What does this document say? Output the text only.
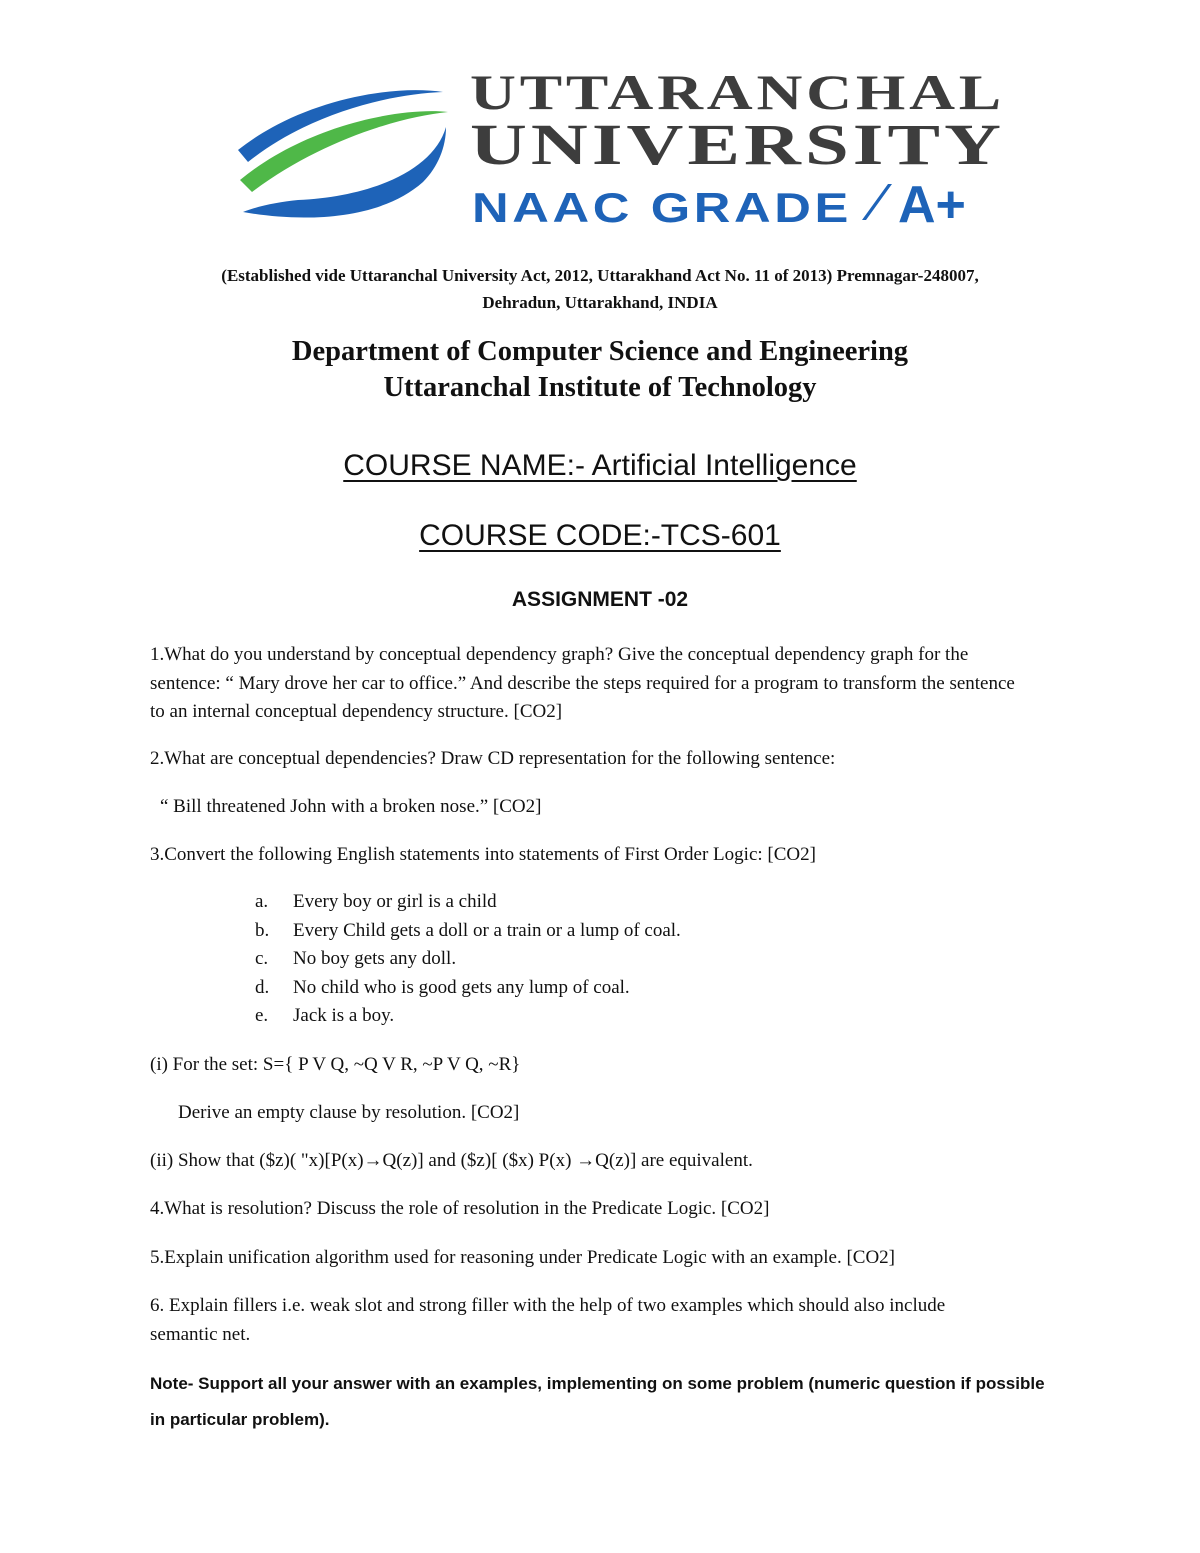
UTTARANCHAL
UNIVERSITY
NAAC GRADE A+
(Established vide Uttaranchal University Act, 2012, Uttarakhand Act No. 11 of 2013) Premnagar-248007,
Dehradun, Uttarakhand, INDIA
Department of Computer Science and Engineering
Uttaranchal Institute of Technology
COURSE NAME:- Artificial Intelligence
COURSE CODE:-TCS-601
ASSIGNMENT -02
1.What do you understand by conceptual dependency graph? Give the conceptual dependency graph for the sentence: “ Mary drove her car to office.” And describe the steps required for a program to transform the sentence to an internal conceptual dependency structure. [CO2]
2.What are conceptual dependencies? Draw CD representation for the following sentence:
“ Bill threatened John with a broken nose.” [CO2]
3.Convert the following English statements into statements of First Order Logic: [CO2]
a.	Every boy or girl is a child
b.	Every Child gets a doll or a train or a lump of coal.
c.	No boy gets any doll.
d.	No child who is good gets any lump of coal.
e.	Jack is a boy.
(i) For the set: S={ P V Q, ~Q V R, ~P V Q, ~R}
Derive an empty clause by resolution. [CO2]
(ii) Show that ($z)( "x)[P(x)→Q(z)] and ($z)[ ($x) P(x) →Q(z)] are equivalent.
4.What is resolution? Discuss the role of resolution in the Predicate Logic. [CO2]
5.Explain unification algorithm used for reasoning under Predicate Logic with an example. [CO2]
6. Explain fillers i.e. weak slot and strong filler with the help of two examples which should also include semantic net.
Note- Support all your answer with an examples, implementing on some problem (numeric question if possible in particular problem).
